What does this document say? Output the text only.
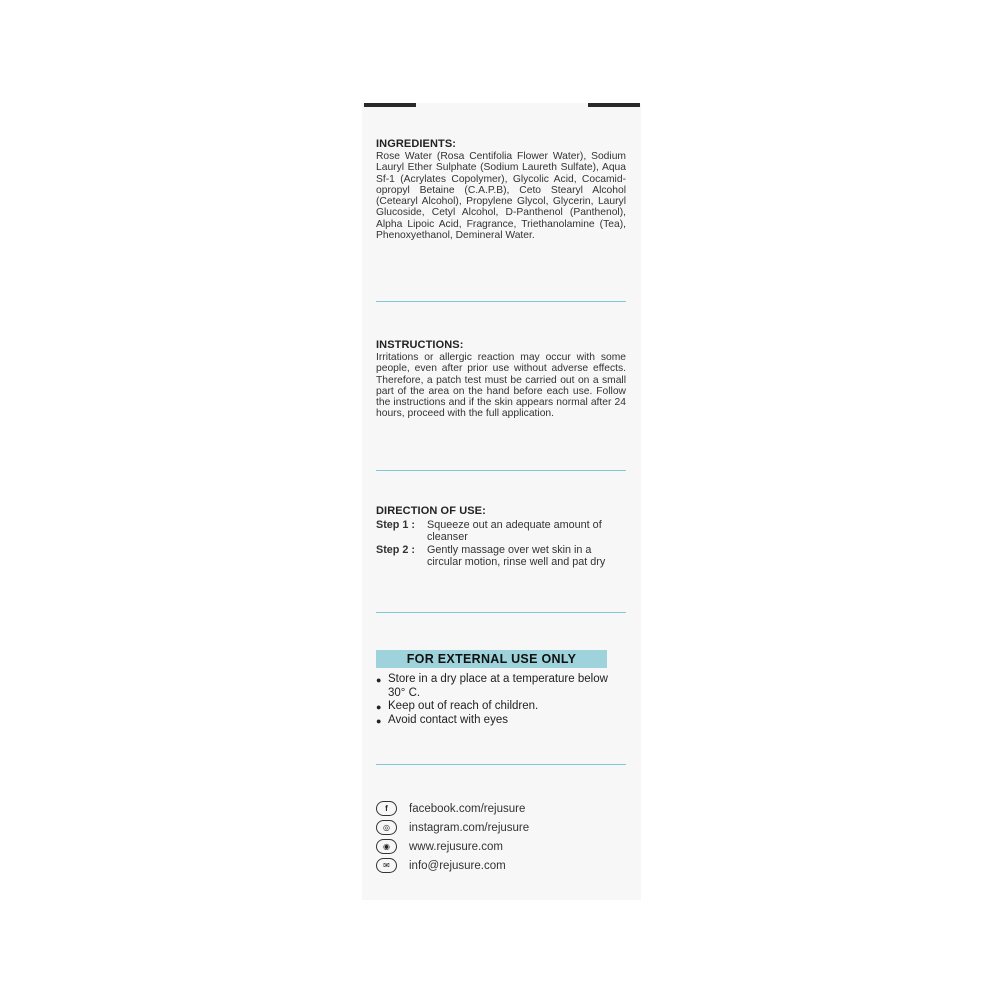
INGREDIENTS:

Rose Water (Rosa Centifolia Flower Water), Sodium Lauryl Ether Sulphate (Sodium Laureth Sulfate), Aqua Sf-1 (Acrylates Copolymer), Glycolic Acid, Cocamid-opropyl Betaine (C.A.P.B), Ceto Stearyl Alcohol (Cetearyl Alcohol), Propylene Glycol, Glycerin, Lauryl Glucoside, Cetyl Alcohol, D-Panthenol (Panthenol), Alpha Lipoic Acid, Fragrance, Triethanolamine (Tea), Phenoxyethanol, Demineral Water.

INSTRUCTIONS:

Irritations or allergic reaction may occur with some people, even after prior use without adverse effects. Therefore, a patch test must be carried out on a small part of the area on the hand before each use. Follow the instructions and if the skin appears normal after 24 hours, proceed with the full application.

DIRECTION OF USE:

Step 1 :	Squeeze out an adequate amount of cleanser
Step 2 :	Gently massage over wet skin in a circular motion, rinse well and pat dry
FOR EXTERNAL USE ONLY
● Store in a dry place at a temperature below 30° C.
● Keep out of reach of children.
● Avoid contact with eyes
f	facebook.com/rejusure
◎	instagram.com/rejusure
◉	www.rejusure.com
✉	info@rejusure.com
